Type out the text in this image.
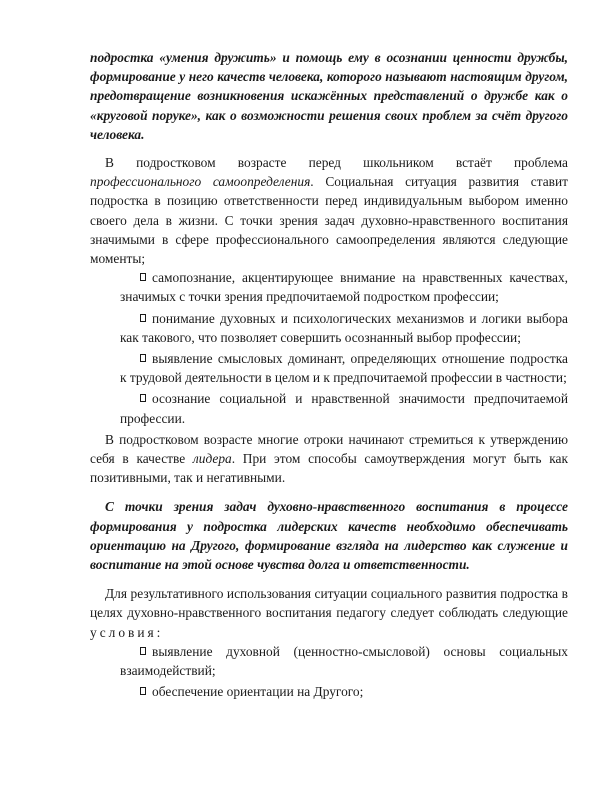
подростка «умения дружить» и помощь ему в осознании ценности дружбы, формирование у него качеств человека, которого называют настоящим другом, предотвращение возникновения искажённых представлений о дружбе как о «круговой поруке», как о возможности решения своих проблем за счёт другого человека.

В подростковом возрасте перед школьником встаёт проблема профессионального самоопределения. Социальная ситуация развития ставит подростка в позицию ответственности перед индивидуальным выбором именно своего дела в жизни. С точки зрения задач духовно-нравственного воспитания значимыми в сфере профессионального самоопределения являются следующие моменты;

самопознание, акцентирующее внимание на нравственных качествах, значимых с точки зрения предпочитаемой подростком профессии;
понимание духовных и психологических механизмов и логики выбора как такового, что позволяет совершить осознанный выбор профессии;
выявление смысловых доминант, определяющих отношение подростка к трудовой деятельности в целом и к предпочитаемой профессии в частности;
осознание социальной и нравственной значимости предпочитаемой профессии.

В подростковом возрасте многие отроки начинают стремиться к утверждению себя в качестве лидера. При этом способы самоутверждения могут быть как позитивными, так и негативными.

С точки зрения задач духовно-нравственного воспитания в процессе формирования у подростка лидерских качеств необходимо обеспечивать ориентацию на Другого, формирование взгляда на лидерство как служение и воспитание на этой основе чувства долга и ответственности.

Для результативного использования ситуации социального развития подростка в целях духовно-нравственного воспитания педагогу следует соблюдать следующие условия:

выявление духовной (ценностно-смысловой) основы социальных взаимодействий;
обеспечение ориентации на Другого;
